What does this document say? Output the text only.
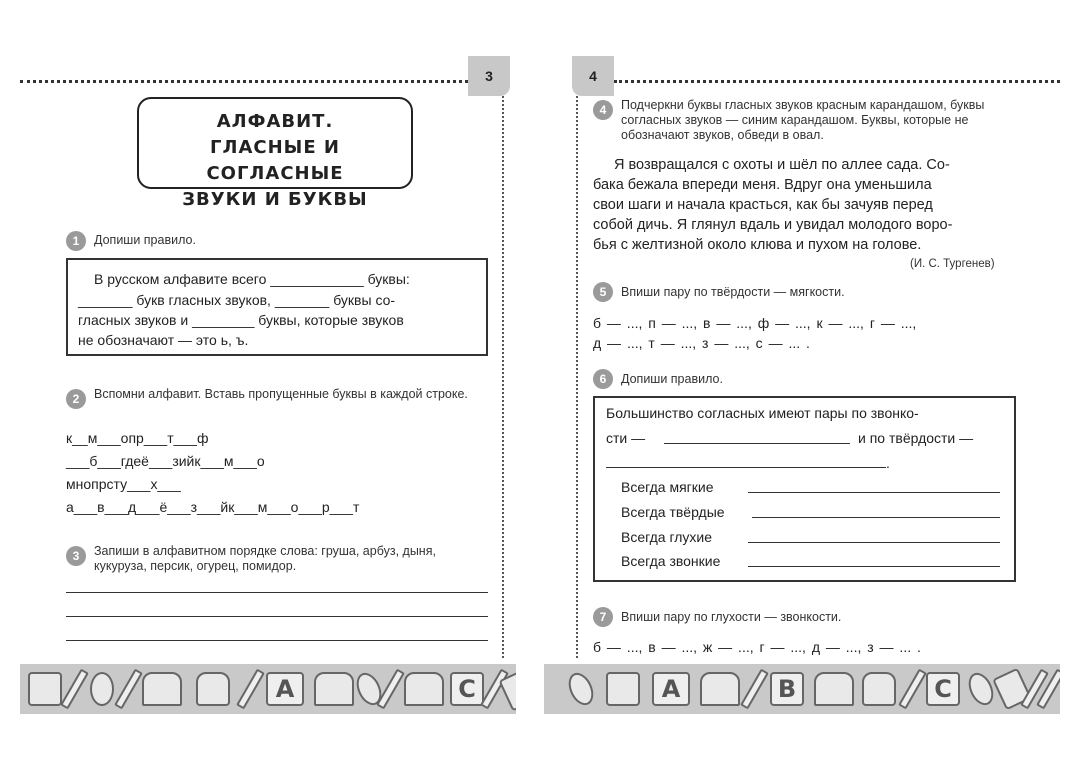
3	4
АЛФАВИТ.
ГЛАСНЫЕ И СОГЛАСНЫЕ
ЗВУКИ И БУКВЫ
1	Допиши правило.
В русском алфавите всего ____________ буквы:
_______ букв гласных звуков, _______ буквы со-
гласных звуков и ________ буквы, которые звуков
не обозначают — это ь, ъ.
2	Вспомни алфавит. Вставь пропущенные буквы в каждой строке.
к__м___опр___т___ф
___б___гдеё___зийк___м___о
мнопрсту___х___
а___в___д___ё___з___йк___м___о___р___т
3	Запиши в алфавитном порядке слова: груша, арбуз, дыня, кукуруза, персик, огурец, помидор.
A	C
4	Подчеркни буквы гласных звуков красным карандашом, буквы согласных звуков — синим карандашом. Буквы, которые не обозначают звуков, обведи в овал.
Я возвращался с охоты и шёл по аллее сада. Со-
бака бежала впереди меня. Вдруг она уменьшила
свои шаги и начала красться, как бы зачуяв перед
собой дичь. Я глянул вдаль и увидал молодого воро-
бья с желтизной около клюва и пухом на голове.
(И. С. Тургенев)
5	Впиши пару по твёрдости — мягкости.
б — ..., п — ..., в — ..., ф — ..., к — ..., г — ...,
д — ..., т — ..., з — ..., с — ... .
6	Допиши правило.
Большинство согласных имеют пары по звонко-
сти —	и по твёрдости —
.
Всегда мягкие
Всегда твёрдые
Всегда глухие
Всегда звонкие
7	Впиши пару по глухости — звонкости.
б — ..., в — ..., ж — ..., г — ..., д — ..., з — ... .
A	B	C
